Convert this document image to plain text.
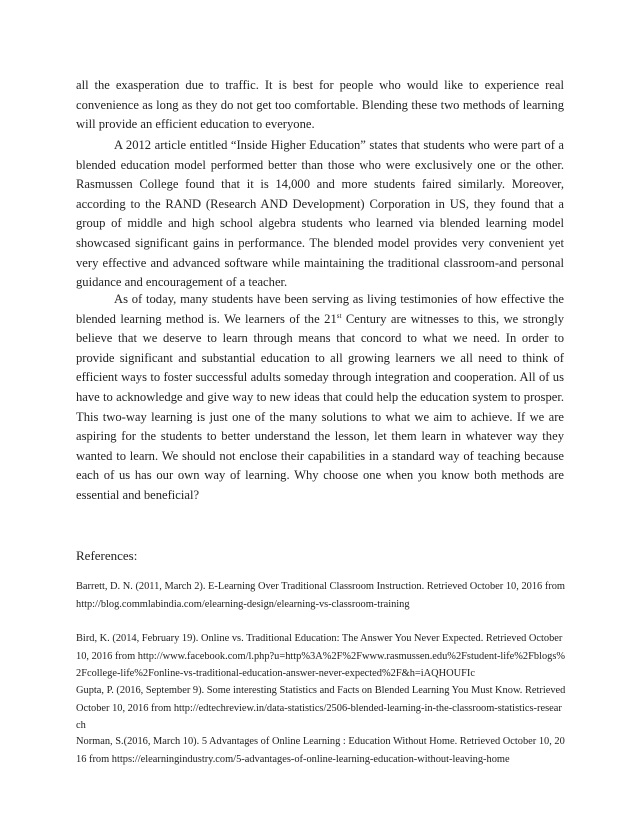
all the exasperation due to traffic. It is best for people who would like to experience real convenience as long as they do not get too comfortable. Blending these two methods of learning will provide an efficient education to everyone.

A 2012 article entitled “Inside Higher Education” states that students who were part of a blended education model performed better than those who were exclusively one or the other. Rasmussen College found that it is 14,000 and more students faired similarly. Moreover, according to the RAND (Research AND Development) Corporation in US, they found that a group of middle and high school algebra students who learned via blended learning model showcased significant gains in performance. The blended model provides very convenient yet very effective and advanced software while maintaining the traditional classroom-and personal guidance and encouragement of a teacher.

As of today, many students have been serving as living testimonies of how effective the blended learning method is. We learners of the 21st Century are witnesses to this, we strongly believe that we deserve to learn through means that concord to what we need. In order to provide significant and substantial education to all growing learners we all need to think of efficient ways to foster successful adults someday through integration and cooperation. All of us have to acknowledge and give way to new ideas that could help the education system to prosper. This two-way learning is just one of the many solutions to what we aim to achieve. If we are aspiring for the students to better understand the lesson, let them learn in whatever way they wanted to learn. We should not enclose their capabilities in a standard way of teaching because each of us has our own way of learning. Why choose one when you know both methods are essential and beneficial?

References:

Barrett, D. N. (2011, March 2). E-Learning Over Traditional Classroom Instruction. Retrieved October 10, 2016 from http://blog.commlabindia.com/elearning-design/elearning-vs-classroom-training

Bird, K. (2014, February 19). Online vs. Traditional Education: The Answer You Never Expected. Retrieved October 10, 2016 from http://www.facebook.com/l.php?u=http%3A%2F%2Fwww.rasmussen.edu%2Fstudent-life%2Fblogs%2Fcollege-life%2Fonline-vs-traditional-education-answer-never-expected%2F&h=iAQHOUFIc

Gupta, P. (2016, September 9). Some interesting Statistics and Facts on Blended Learning You Must Know. Retrieved October 10, 2016 from http://edtechreview.in/data-statistics/2506-blended-learning-in-the-classroom-statistics-research

Norman, S.(2016, March 10). 5 Advantages of Online Learning : Education Without Home. Retrieved October 10, 2016 from https://elearningindustry.com/5-advantages-of-online-learning-education-without-leaving-home
